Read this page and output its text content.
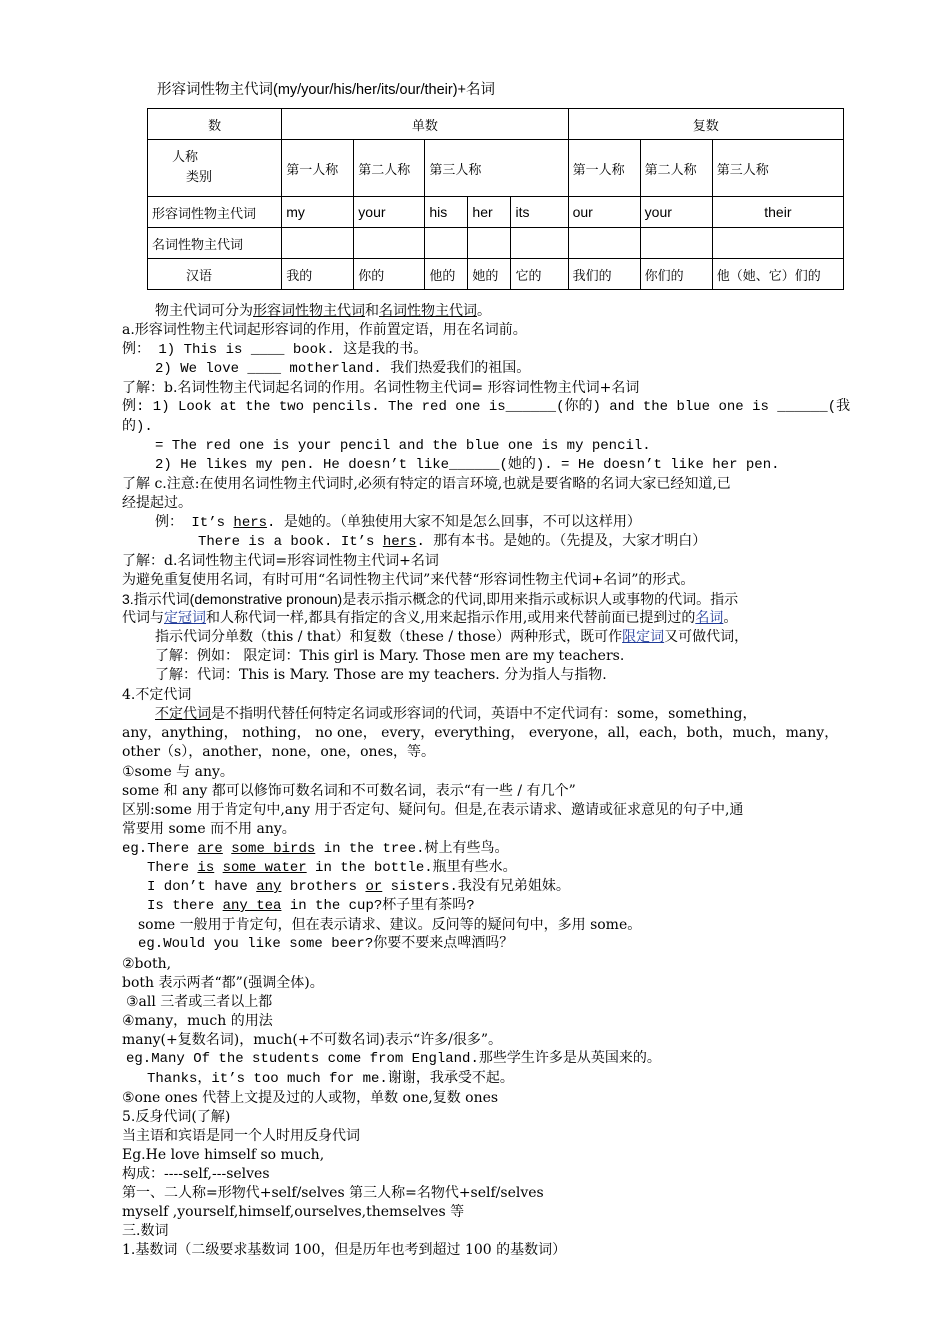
形容词性物主代词(my/your/his/her/its/our/their)+名词
数	单数					复数		

人称
类别	第一人称	第二人称	第三人称			第一人称	第二人称	第三人称
形容词性物主代词	my	your	his	her	its	our	your	their
名词性物主代词								
汉语	我的	你的	他的	她的	它的	我们的	你们的	他（她、它）们的
物主代词可分为形容词性物主代词和名词性物主代词。
a.形容词性物主代词起形容词的作用，作前置定语，用在名词前。
例： 1) This is ____ book. 这是我的书。
2) We love ____ motherland. 我们热爱我们的祖国。
了解：b.名词性物主代词起名词的作用。名词性物主代词= 形容词性物主代词+名词
例: 1) Look at the two pencils. The red one is______(你的) and the blue one is ______(我
的).
= The red one is your pencil and the blue one is my pencil.
2) He likes my pen. He doesn’t like______(她的). = He doesn’t like her pen.
了解 c.注意:在使用名词性物主代词时,必须有特定的语言环境,也就是要省略的名词大家已经知道,已
经提起过。
例： It’s hers. 是她的。（单独使用大家不知是怎么回事，不可以这样用）
There is a book. It’s hers. 那有本书。是她的。（先提及，大家才明白）
了解：d.名词性物主代词=形容词性物主代词+名词
为避免重复使用名词，有时可用“名词性物主代词”来代替“形容词性物主代词+名词”的形式。
3.指示代词(demonstrative pronoun)是表示指示概念的代词,即用来指示或标识人或事物的代词。指示
代词与定冠词和人称代词一样,都具有指定的含义,用来起指示作用,或用来代替前面已提到过的名词。
指示代词分单数（this / that）和复数（these / those）两种形式，既可作限定词又可做代词，
了解：例如： 限定词：This girl is Mary. Those men are my teachers.
了解：代词：This is Mary. Those are my teachers. 分为指人与指物.
4.不定代词
不定代词是不指明代替任何特定名词或形容词的代词，英语中不定代词有：some，something，
any，anything， nothing， no one， every，everything， everyone，all，each，both，much，many，
other（s），another，none，one，ones，等。
①some 与 any。
some 和 any 都可以修饰可数名词和不可数名词，表示“有一些 / 有几个”
区别:some 用于肯定句中,any 用于否定句、疑问句。但是,在表示请求、邀请或征求意见的句子中,通
常要用 some 而不用 any。
eg.There are some birds in the tree.树上有些鸟。
There is some water in the bottle.瓶里有些水。
I don’t have any brothers or sisters.我没有兄弟姐妹。
Is there any tea in the cup?杯子里有茶吗?
some 一般用于肯定句，但在表示请求、建议。反问等的疑问句中，多用 some。
eg.Would you like some beer?你要不要来点啤酒吗？
②both,
both 表示两者“都”(强调全体)。
③all 三者或三者以上都
④many，much 的用法
many(+复数名词)，much(+不可数名词)表示“许多/很多”。
eg.Many Of the students come from England.那些学生许多是从英国来的。
Thanks，it’s too much for me.谢谢，我承受不起。
⑤one ones 代替上文提及过的人或物，单数 one,复数 ones
5.反身代词(了解)
当主语和宾语是同一个人时用反身代词
Eg.He love himself so much,
构成：----self,---selves
第一、二人称=形物代+self/selves 第三人称=名物代+self/selves
myself ,yourself,himself,ourselves,themselves 等
三.数词
1.基数词（二级要求基数词 100，但是历年也考到超过 100 的基数词）
